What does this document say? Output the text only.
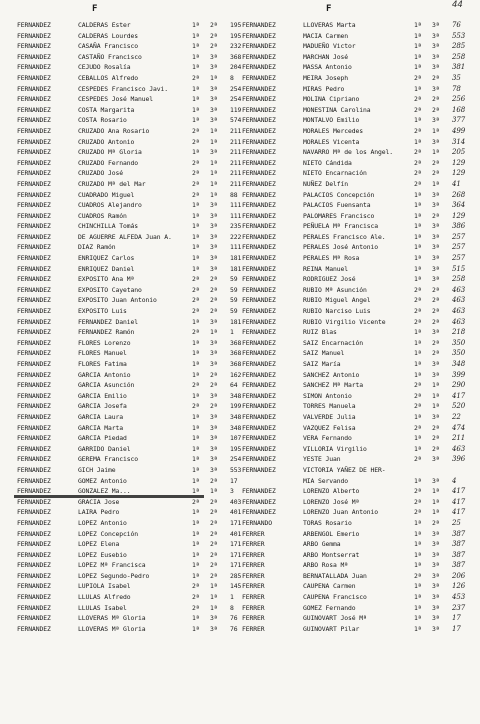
F	F	44
FERNANDEZ	CALDERAS Ester	1ª	2ª	195
FERNANDEZ	CALDERAS Lourdes	1ª	2ª	195
FERNANDEZ	CASAÑA Francisco	1ª	2ª	232
FERNANDEZ	CASTAÑO Francisco	1ª	3ª	368
FERNANDEZ	CEJUDO Rosalía	1ª	3ª	204
FERNANDEZ	CEBALLOS Alfredo	2ª	1ª	8
FERNANDEZ	CESPEDES Francisco Javi.	1ª	3ª	254
FERNANDEZ	CESPEDES José Manuel	1ª	3ª	254
FERNANDEZ	COSTA Margarita	1ª	3ª	119
FERNANDEZ	COSTA Rosario	1ª	3ª	574
FERNANDEZ	CRUZADO Ana Rosario	2ª	1ª	211
FERNANDEZ	CRUZADO Antonio	2ª	1ª	211
FERNANDEZ	CRUZADO Mª Gloria	1ª	3ª	211
FERNANDEZ	CRUZADO Fernando	2ª	1ª	211
FERNANDEZ	CRUZADO José	2ª	1ª	211
FERNANDEZ	CRUZADO Mª del Mar	2ª	1ª	211
FERNANDEZ	CUADRADO Miguel	2ª	1ª	88
FERNANDEZ	CUADROS Alejandro	1ª	3ª	111
FERNANDEZ	CUADROS Ramón	1ª	3ª	111
FERNANDEZ	CHINCHILLA Tomás	1ª	3ª	235
FERNANDEZ	DE AGUERRE ALFEDA Juan A.	1ª	3ª	222
FERNANDEZ	DIAZ Ramón	1ª	3ª	111
FERNANDEZ	ENRIQUEZ Carlos	1ª	3ª	181
FERNANDEZ	ENRIQUEZ Daniel	1ª	3ª	181
FERNANDEZ	EXPOSITO Ana Mª	2ª	2ª	59
FERNANDEZ	EXPOSITO Cayetano	2ª	2ª	59
FERNANDEZ	EXPOSITO Juan Antonio	2ª	2ª	59
FERNANDEZ	EXPOSITO Luis	2ª	2ª	59
FERNANDEZ	FERNANDEZ Daniel	1ª	3ª	181
FERNANDEZ	FERNANDEZ Ramón	2ª	1ª	1
FERNANDEZ	FLORES Lorenzo	1ª	3ª	368
FERNANDEZ	FLORES Manuel	1ª	3ª	368
FERNANDEZ	FLORES Fatima	1ª	3ª	368
FERNANDEZ	GARCIA Antonio	1ª	2ª	162
FERNANDEZ	GARCIA Asunción	2ª	2ª	64
FERNANDEZ	GARCIA Emilio	1ª	3ª	348
FERNANDEZ	GARCIA Josefa	2ª	2ª	199
FERNANDEZ	GARCIA Laura	1ª	3ª	348
FERNANDEZ	GARCIA Marta	1ª	3ª	348
FERNANDEZ	GARCIA Piedad	1ª	3ª	107
FERNANDEZ	GARRIDO Daniel	1ª	3ª	195
FERNANDEZ	GEREMA Francisco	1ª	3ª	254
FERNANDEZ	GICH Jaime	1ª	3ª	553
FERNANDEZ	GOMEZ Antonio	1ª	2ª	17
FERNANDEZ	GONZALEZ Ma...	1ª	1ª	3
FERNANDEZ	GRACIA Jose	2ª	2ª	403
FERNANDEZ	LAIRA Pedro	1ª	2ª	401
FERNANDEZ	LOPEZ Antonio	1ª	2ª	171
FERNANDEZ	LOPEZ Concepción	1ª	2ª	401
FERNANDEZ	LOPEZ Elena	1ª	2ª	171
FERNANDEZ	LOPEZ Eusebio	1ª	2ª	171
FERNANDEZ	LOPEZ Mª Francisca	1ª	2ª	171
FERNANDEZ	LOPEZ Segundo-Pedro	1ª	2ª	285
FERNANDEZ	LUPIOLA Isabel	2ª	1ª	145
FERNANDEZ	LLULAS Alfredo	2ª	1ª	1
FERNANDEZ	LLULAS Isabel	2ª	1ª	8
FERNANDEZ	LLOVERAS Mª Gloria	1ª	3ª	76
FERNANDEZ	LLOVERAS Mª Gloria	1ª	3ª	76
FERNANDEZ	LLOVERAS Marta	1ª	3ª	76
FERNANDEZ	MACIA Carmen	1ª	3ª	553
FERNANDEZ	MADUEÑO Victor	1ª	3ª	285
FERNANDEZ	MARCHAN José	1ª	3ª	258
FERNANDEZ	MASSA Antonio	1ª	3ª	381
FERNANDEZ	MEIRA Joseph	2ª	2ª	35
FERNANDEZ	MIRAS Pedro	1ª	3ª	78
FERNANDEZ	MOLINA Cipriano	2ª	2ª	256
FERNANDEZ	MONESTINA Carolina	2ª	2ª	168
FERNANDEZ	MONTALVO Emilio	1ª	3ª	377
FERNANDEZ	MORALES Mercedes	2ª	1ª	499
FERNANDEZ	MORALES Vicenta	1ª	3ª	314
FERNANDEZ	NAVARRO Mª de los Angel.	2ª	1ª	205
FERNANDEZ	NIETO Cándida	2ª	2ª	129
FERNANDEZ	NIETO Encarnación	2ª	2ª	129
FERNANDEZ	NUÑEZ Delfín	2ª	1ª	41
FERNANDEZ	PALACIOS Concepción	1ª	3ª	268
FERNANDEZ	PALACIOS Fuensanta	1ª	3ª	364
FERNANDEZ	PALOMARES Francisco	1ª	2ª	129
FERNANDEZ	PEÑUELA Mª Francisca	1ª	3ª	386
FERNANDEZ	PERALES Francisco Ale.	1ª	3ª	257
FERNANDEZ	PERALES José Antonio	1ª	3ª	257
FERNANDEZ	PERALES Mª Rosa	1ª	3ª	257
FERNANDEZ	REINA Manuel	1ª	3ª	515
FERNANDEZ	RODRIGUEZ José	1ª	3ª	258
FERNANDEZ	RUBIO Mª Asunción	2ª	2ª	463
FERNANDEZ	RUBIO Miguel Angel	2ª	2ª	463
FERNANDEZ	RUBIO Narciso Luis	2ª	2ª	463
FERNANDEZ	RUBIO Virgilio Vicente	2ª	2ª	463
FERNANDEZ	RUIZ Blas	1ª	3ª	218
FERNANDEZ	SAIZ Encarnación	1ª	2ª	350
FERNANDEZ	SAIZ Manuel	1ª	2ª	350
FERNANDEZ	SAIZ María	1ª	3ª	348
FERNANDEZ	SANCHEZ Antonio	1ª	3ª	399
FERNANDEZ	SANCHEZ Mª Marta	2ª	1ª	290
FERNANDEZ	SIMON Antonio	2ª	1ª	417
FERNANDEZ	TORRES Manuela	2ª	1ª	520
FERNANDEZ	VALVERDE Julia	1ª	3ª	22
FERNANDEZ	VAZQUEZ Felisa	2ª	2ª	474
FERNANDEZ	VERA Fernando	1ª	2ª	211
FERNANDEZ	VILLORIA Virgilio	1ª	2ª	463
FERNANDEZ	YESTE Juan	2ª	3ª	396
FERNANDEZ	VICTORIA YAÑEZ DE HER-
MIA Servando	1ª	3ª	4
FERNANDEZ	LORENZO Alberto	2ª	1ª	417
FERNANDEZ	LORENZO José Mª	2ª	1ª	417
FERNANDEZ	LORENZO Juan Antonio	2ª	1ª	417
FERNANDO	TORAS Rosario	1ª	2ª	25
FERRER	ARBENGOL Emerio	1ª	3ª	387
FERRER	ARBO Gemma	1ª	3ª	387
FERRER	ARBO Montserrat	1ª	3ª	387
FERRER	ARBO Rosa Mª	1ª	3ª	387
FERRER	BERNATALLADA Juan	2ª	3ª	206
FERRER	CAUPENA Carmen	1ª	3ª	126
FERRER	CAUPENA Francisco	1ª	3ª	453
FERRER	GOMEZ Fernando	1ª	3ª	237
FERRER	GUINOVART José Mª	1ª	3ª	17
FERRER	GUINOVART Pilar	1ª	3ª	17
